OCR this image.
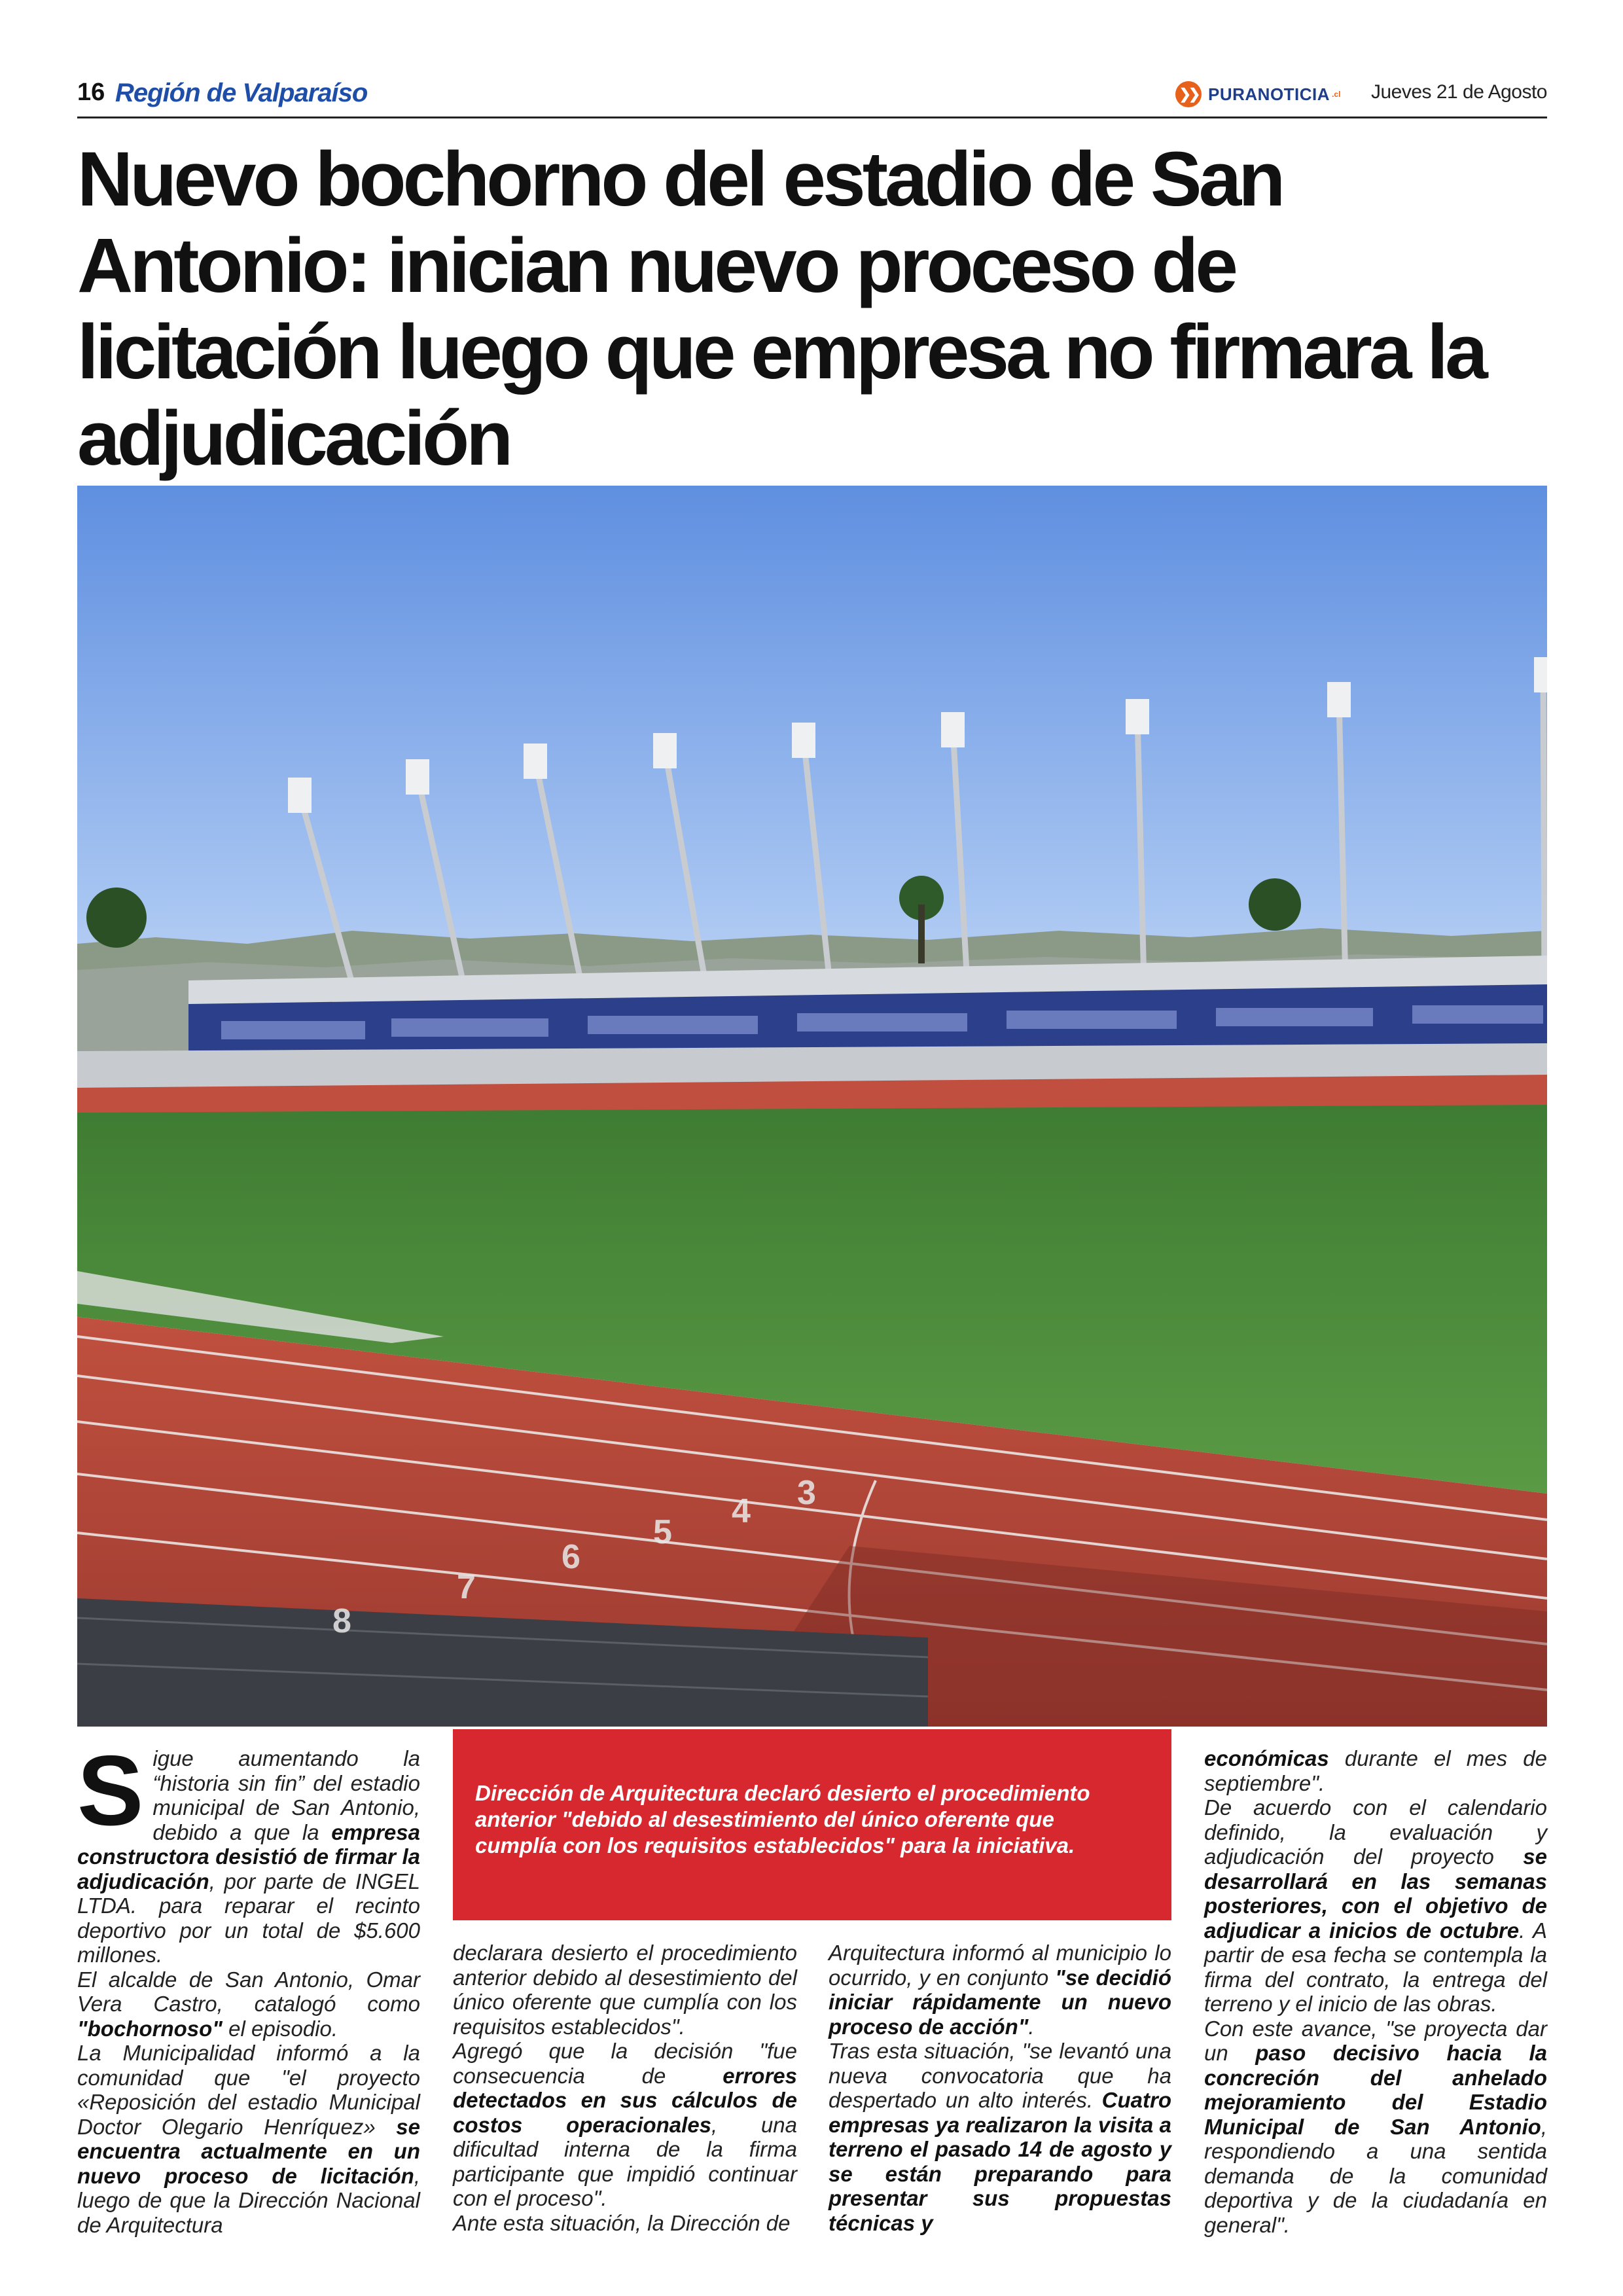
16 Región de Valparaíso	❯❯ PURANOTICIA .cl Jueves 21 de Agosto
Nuevo bochorno del estadio de San Antonio: inician nuevo proceso de licitación luego que empresa no firmara la adjudicación
8
7
6
5
4 3
S igue aumentando la “historia sin fin” del estadio municipal de San Antonio, debido a que la empresa constructora desistió de firmar la adjudicación, por parte de INGEL LTDA. para reparar el recinto deportivo por un total de $5.600 millones.

El alcalde de San Antonio, Omar Vera Castro, catalogó como "bochornoso" el episodio.

La Municipalidad informó a la comunidad que "el proyecto «Reposición del estadio Municipal Doctor Olegario Henríquez» se encuentra actualmente en un nuevo proceso de licitación, luego de que la Dirección Nacional de Arquitectura

Dirección de Arquitectura declaró desierto el procedimiento anterior "debido al desestimiento del único oferente que cumplía con los requisitos establecidos" para la iniciativa.

declarara desierto el procedimiento anterior debido al desestimiento del único oferente que cumplía con los requisitos establecidos".

Agregó que la decisión "fue consecuencia de errores detectados en sus cálculos de costos operacionales, una dificultad interna de la firma participante que impidió continuar con el proceso".

Ante esta situación, la Dirección de

Arquitectura informó al municipio lo ocurrido, y en conjunto "se decidió iniciar rápidamente un nuevo proceso de acción".

Tras esta situación, "se levantó una nueva convocatoria que ha despertado un alto interés. Cuatro empresas ya realizaron la visita a terreno el pasado 14 de agosto y se están preparando para presentar sus propuestas técnicas y

económicas durante el mes de septiembre".

De acuerdo con el calendario definido, la evaluación y adjudicación del proyecto se desarrollará en las semanas posteriores, con el objetivo de adjudicar a inicios de octubre. A partir de esa fecha se contempla la firma del contrato, la entrega del terreno y el inicio de las obras.

Con este avance, "se proyecta dar un paso decisivo hacia la concreción del anhelado mejoramiento del Estadio Municipal de San Antonio, respondiendo a una sentida demanda de la comunidad deportiva y de la ciudadanía en general".
